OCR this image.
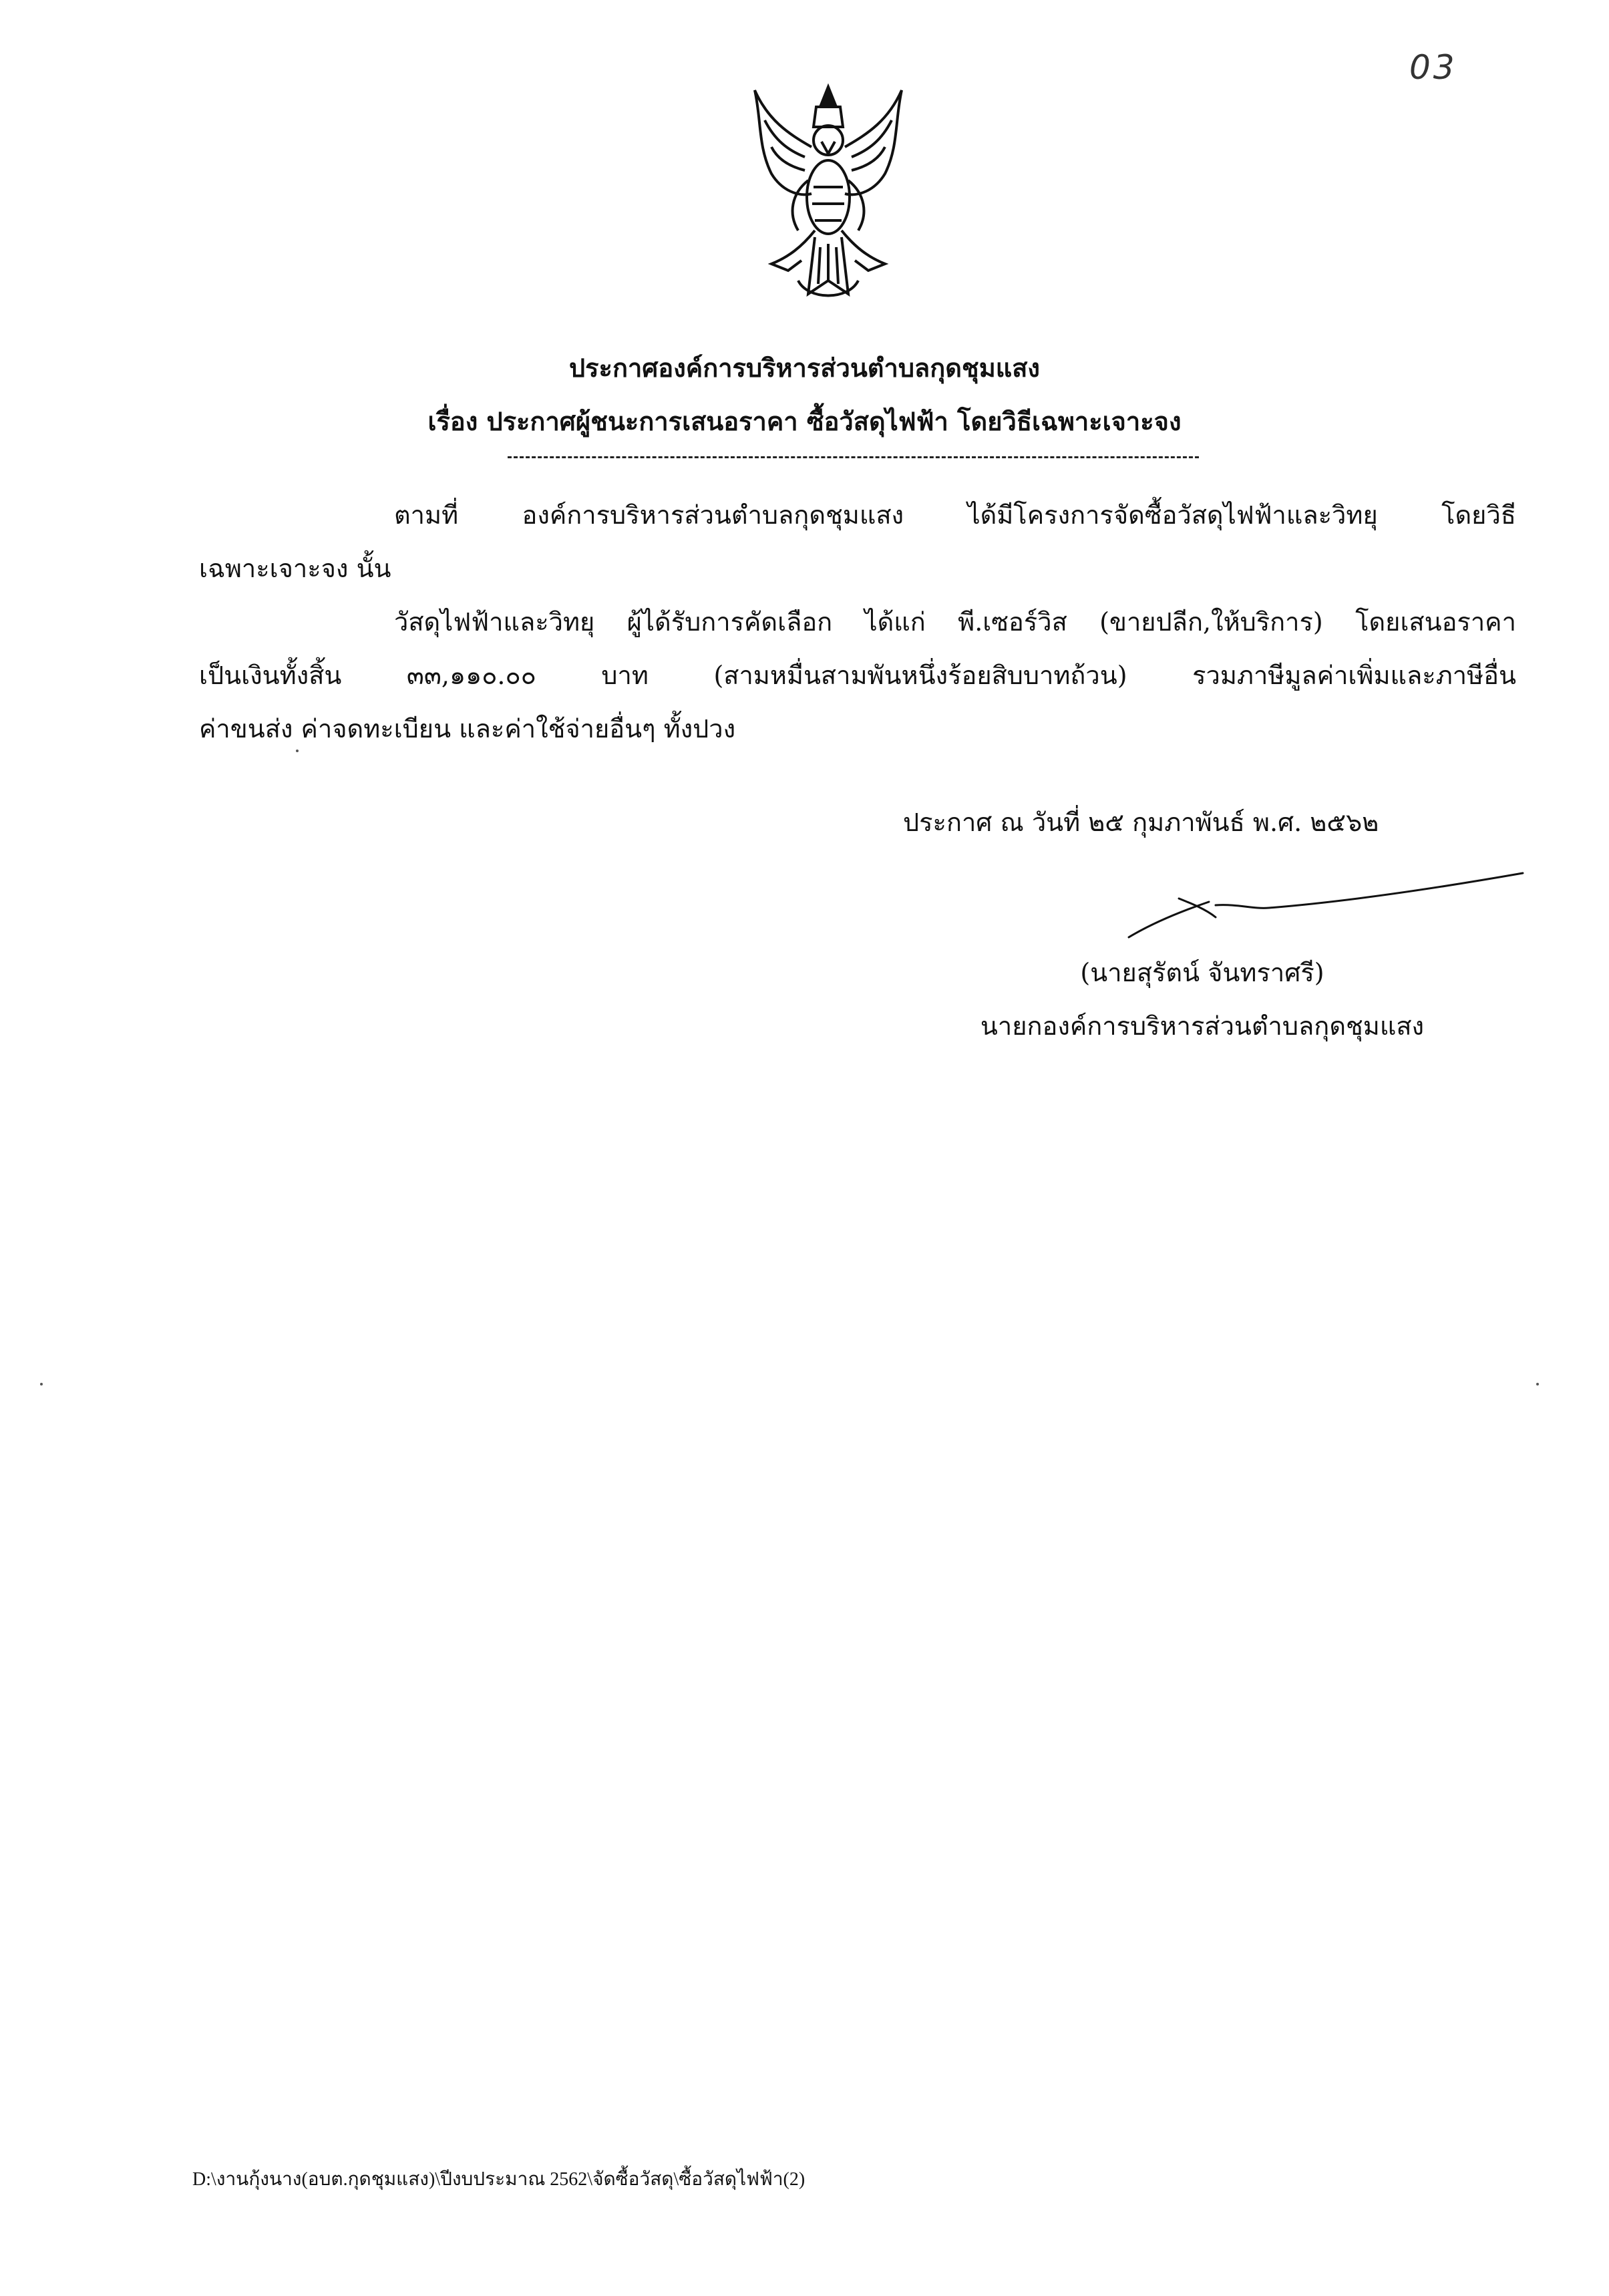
03
ประกาศองค์การบริหารส่วนตำบลกุดชุมแสง
เรื่อง ประกาศผู้ชนะการเสนอราคา ซื้อวัสดุไฟฟ้า โดยวิธีเฉพาะเจาะจง
ตามที่	องค์การบริหารส่วนตำบลกุดชุมแสง	ได้มีโครงการจัดซื้อวัสดุไฟฟ้าและวิทยุ	โดยวิธี
เฉพาะเจาะจง นั้น
วัสดุไฟฟ้าและวิทยุ ผู้ได้รับการคัดเลือก ได้แก่ พี.เซอร์วิส (ขายปลีก,ให้บริการ) โดยเสนอราคา
เป็นเงินทั้งสิ้น	๓๓,๑๑๐.๐๐	บาท	(สามหมื่นสามพันหนึ่งร้อยสิบบาทถ้วน)	รวมภาษีมูลค่าเพิ่มและภาษีอื่น
ค่าขนส่ง ค่าจดทะเบียน และค่าใช้จ่ายอื่นๆ ทั้งปวง
ประกาศ ณ วันที่ ๒๕ กุมภาพันธ์ พ.ศ. ๒๕๖๒
(นายสุรัตน์ จันทราศรี)
นายกองค์การบริหารส่วนตำบลกุดชุมแสง
D:\งานกุ้งนาง(อบต.กุดชุมแสง)\ปีงบประมาณ 2562\จัดซื้อวัสดุ\ซื้อวัสดุไฟฟ้า(2)
